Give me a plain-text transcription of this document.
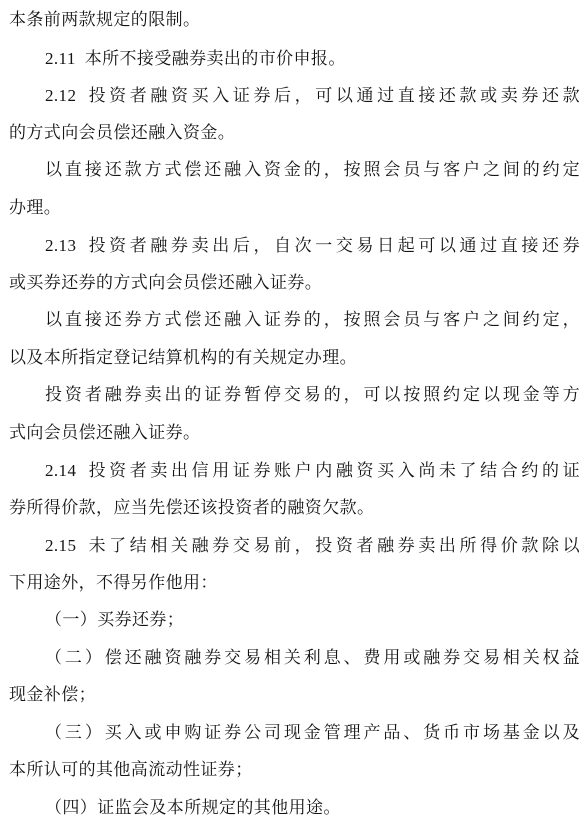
本条前两款规定的限制。
2.11 本所不接受融券卖出的市价申报。
2.12 投资者融资买入证券后，可以通过直接还款或卖券还款
的方式向会员偿还融入资金。
以直接还款方式偿还融入资金的，按照会员与客户之间的约定
办理。
2.13 投资者融券卖出后，自次一交易日起可以通过直接还券
或买券还券的方式向会员偿还融入证券。
以直接还券方式偿还融入证券的，按照会员与客户之间约定，
以及本所指定登记结算机构的有关规定办理。
投资者融券卖出的证券暂停交易的，可以按照约定以现金等方
式向会员偿还融入证券。
2.14 投资者卖出信用证券账户内融资买入尚未了结合约的证
券所得价款，应当先偿还该投资者的融资欠款。
2.15 未了结相关融券交易前，投资者融券卖出所得价款除以
下用途外，不得另作他用：
（一）买券还券；
（二）偿还融资融券交易相关利息、费用或融券交易相关权益
现金补偿；
（三）买入或申购证券公司现金管理产品、货币市场基金以及
本所认可的其他高流动性证券；
（四）证监会及本所规定的其他用途。
